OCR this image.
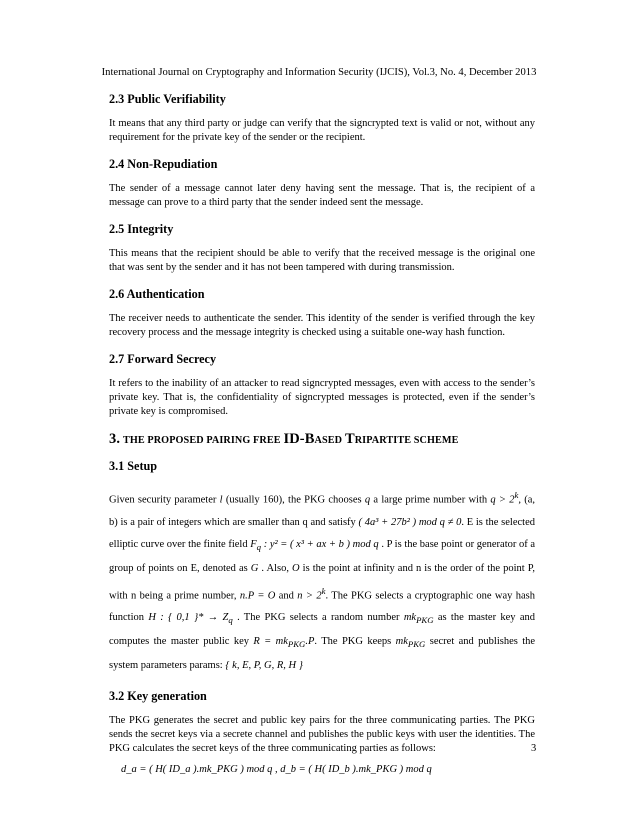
International Journal on Cryptography and Information Security (IJCIS), Vol.3, No. 4, December 2013
2.3 Public Verifiability

It means that any third party or judge can verify that the signcrypted text is valid or not, without any requirement for the private key of the sender or the recipient.

2.4 Non-Repudiation

The sender of a message cannot later deny having sent the message. That is, the recipient of a message can prove to a third party that the sender indeed sent the message.

2.5 Integrity

This means that the recipient should be able to verify that the received message is the original one that was sent by the sender and it has not been tampered with during transmission.

2.6 Authentication

The receiver needs to authenticate the sender. This identity of the sender is verified through the key recovery process and the message integrity is checked using a suitable one-way hash function.

2.7 Forward Secrecy

It refers to the inability of an attacker to read signcrypted messages, even with access to the sender’s private key. That is, the confidentiality of signcrypted messages is protected, even if the sender’s private key is compromised.

3. THE PROPOSED PAIRING FREE ID-BASED TRIPARTITE SCHEME
3.1 Setup

Given security parameter l (usually 160), the PKG chooses q a large prime number with $q > 2^k$, (a, b) is a pair of integers which are smaller than q and satisfy ( 4a³ + 27b² ) mod q ≠ 0. E is the selected elliptic curve over the finite field $F_q$ : y² = ( x³ + ax + b ) mod q . P is the base point or generator of a group of points on E, denoted as G . Also, O is the point at infinity and n is the order of the point P, with n being a prime number, n.P = O and $n > 2^k$. The PKG selects a cryptographic one way hash function H : { 0,1 }* → $Z_q$ . The PKG selects a random number $mk_{PKG}$ as the master key and computes the master public key $R = mk_{PKG}.P$. The PKG keeps $mk_{PKG}$ secret and publishes the system parameters params: { k, E, P, G, R, H }

3.2 Key generation

The PKG generates the secret and public key pairs for the three communicating parties. The PKG sends the secret keys via a secrete channel and publishes the public keys with user the identities. The PKG calculates the secret keys of the three communicating parties as follows:

d_a = ( H( ID_a ).mk_PKG ) mod q , d_b = ( H( ID_b ).mk_PKG ) mod q
3
